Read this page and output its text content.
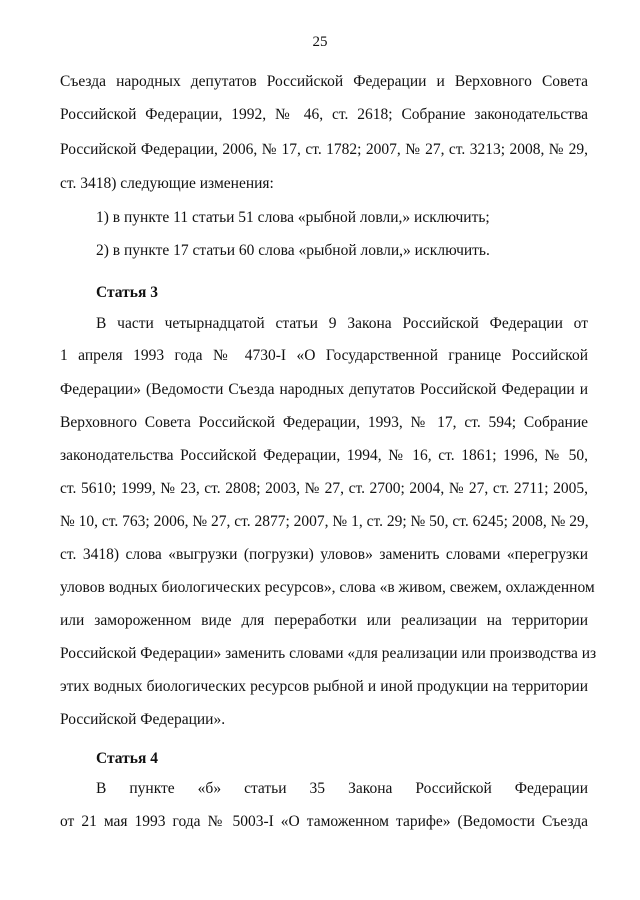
25
Съезда народных депутатов Российской Федерации и Верховного Совета
Российской Федерации, 1992, № 46, ст. 2618; Собрание законодательства
Российской Федерации, 2006, № 17, ст. 1782; 2007, № 27, ст. 3213; 2008, № 29,
ст. 3418) следующие изменения:
1) в пункте 11 статьи 51 слова «рыбной ловли,» исключить;
2) в пункте 17 статьи 60 слова «рыбной ловли,» исключить.
Статья 3
В части четырнадцатой статьи 9 Закона Российской Федерации от
1 апреля 1993 года № 4730-I «О Государственной границе Российской
Федерации» (Ведомости Съезда народных депутатов Российской Федерации и
Верховного Совета Российской Федерации, 1993, № 17, ст. 594; Собрание
законодательства Российской Федерации, 1994, № 16, ст. 1861; 1996, № 50,
ст. 5610; 1999, № 23, ст. 2808; 2003, № 27, ст. 2700; 2004, № 27, ст. 2711; 2005,
№ 10, ст. 763; 2006, № 27, ст. 2877; 2007, № 1, ст. 29; № 50, ст. 6245; 2008, № 29,
ст. 3418) слова «выгрузки (погрузки) уловов» заменить словами «перегрузки
уловов водных биологических ресурсов», слова «в живом, свежем, охлажденном
или замороженном виде для переработки или реализации на территории
Российской Федерации» заменить словами «для реализации или производства из
этих водных биологических ресурсов рыбной и иной продукции на территории
Российской Федерации».
Статья 4
В пункте «б» статьи 35 Закона Российской Федерации
от 21 мая 1993 года № 5003-I «О таможенном тарифе» (Ведомости Съезда
